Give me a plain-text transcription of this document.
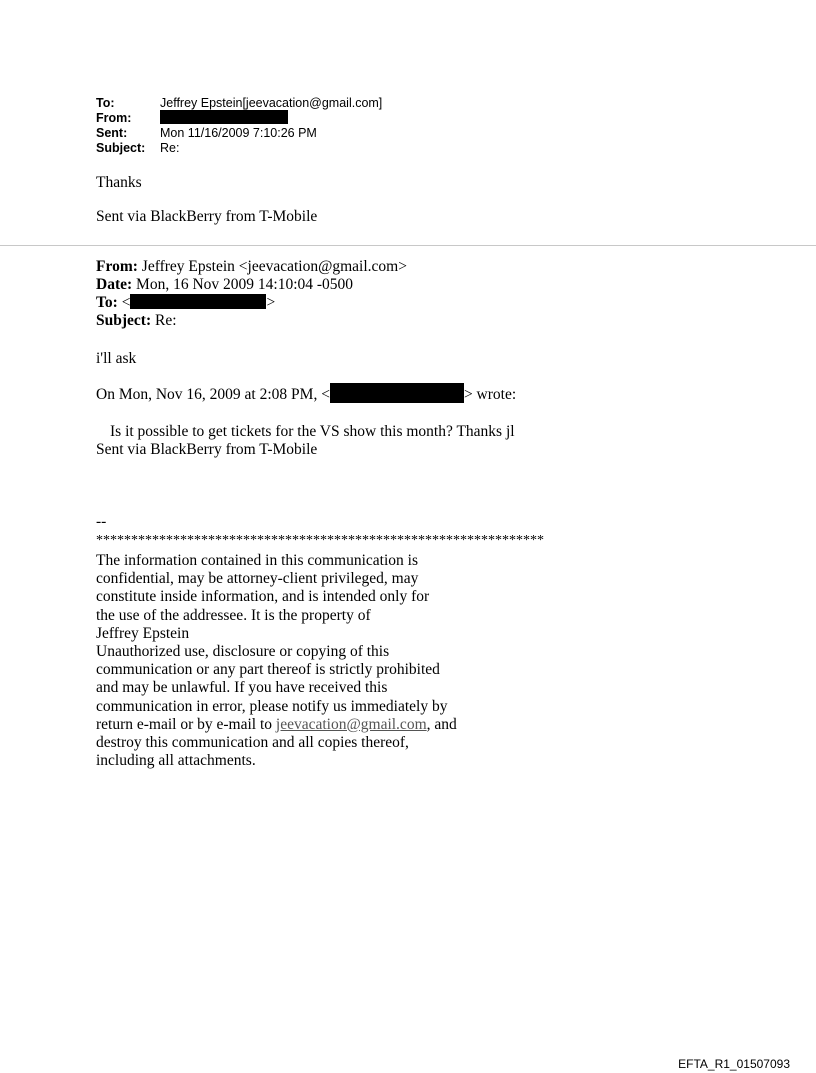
To:	Jeffrey Epstein[jeevacation@gmail.com]
From:
Sent:	Mon 11/16/2009 7:10:26 PM
Subject: Re:
Thanks
Sent via BlackBerry from T-Mobile
From: Jeffrey Epstein <jeevacation@gmail.com>
Date: Mon, 16 Nov 2009 14:10:04 -0500
To: <	>
Subject: Re:
i'll ask
On Mon, Nov 16, 2009 at 2:08 PM, <	> wrote:
Is it possible to get tickets for the VS show this month? Thanks jl
Sent via BlackBerry from T-Mobile
--
****************************************************************

The information contained in this communication is

confidential, may be attorney-client privileged, may

constitute inside information, and is intended only for

the use of the addressee. It is the property of

Jeffrey Epstein

Unauthorized use, disclosure or copying of this

communication or any part thereof is strictly prohibited

and may be unlawful. If you have received this

communication in error, please notify us immediately by

return e-mail or by e-mail to jeevacation@gmail.com, and

destroy this communication and all copies thereof,

including all attachments.

EFTA_R1_01507093
